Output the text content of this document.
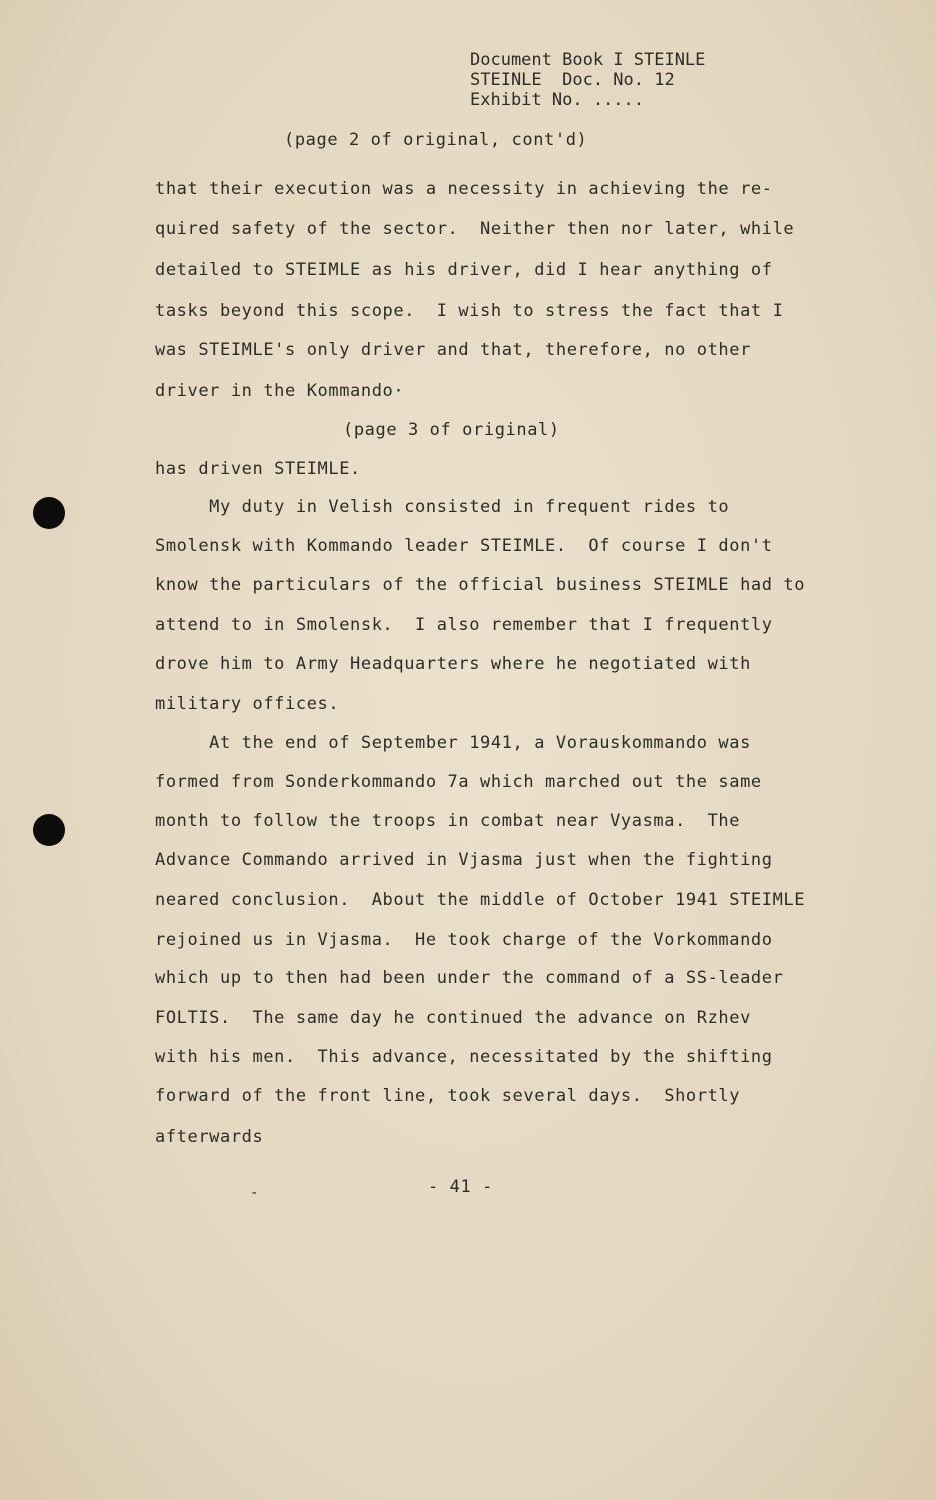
Document Book I STEINLE
STEINLE  Doc. No. 12
Exhibit No. .....
(page 2 of original, cont'd)
that their execution was a necessity in achieving the re-
quired safety of the sector.  Neither then nor later, while
detailed to STEIMLE as his driver, did I hear anything of
tasks beyond this scope.  I wish to stress the fact that I
was STEIMLE's only driver and that, therefore, no other
driver in the Kommando·
(page 3 of original)
has driven STEIMLE.
My duty in Velish consisted in frequent rides to
Smolensk with Kommando leader STEIMLE.  Of course I don't
know the particulars of the official business STEIMLE had to
attend to in Smolensk.  I also remember that I frequently
drove him to Army Headquarters where he negotiated with
military offices.
At the end of September 1941, a Vorauskommando was
formed from Sonderkommando 7a which marched out the same
month to follow the troops in combat near Vyasma.  The
Advance Commando arrived in Vjasma just when the fighting
neared conclusion.  About the middle of October 1941 STEIMLE
rejoined us in Vjasma.  He took charge of the Vorkommando
which up to then had been under the command of a SS-leader
FOLTIS.  The same day he continued the advance on Rzhev
with his men.  This advance, necessitated by the shifting
forward of the front line, took several days.  Shortly
afterwards
-	- 41 -
